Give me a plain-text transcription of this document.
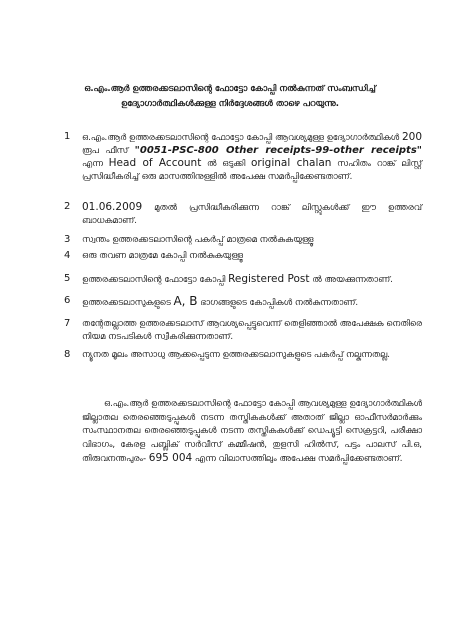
ഒ.എം.ആർ ഉത്തരക്കടലാസിന്റെ ഫോട്ടോ കോപ്പി നൽകുന്നത് സംബന്ധിച്ച്
ഉദ്യോഗാർത്ഥികൾക്കുള്ള നിർദ്ദേശങ്ങൾ താഴെ പറയുന്നു.
1 ഒ.എം.ആർ ഉത്തരക്കടലാസിന്റെ ഫോട്ടോ കോപ്പി ആവശ്യമുള്ള ഉദ്യോഗാർത്ഥികൾ 200 രൂപ ഫീസ് "0051-PSC-800 Other receipts-99-other receipts" എന്ന Head of Account ൽ ഒടുക്കി original chalan സഹിതം റാങ്ക് ലിസ്റ്റ് പ്രസിദ്ധീകരിച്ച് ഒരു മാസത്തിനുള്ളിൽ അപേക്ഷ സമർപ്പിക്കേണ്ടതാണ്.
2 01.06.2009 മുതൽ പ്രസിദ്ധീകരിക്കുന്ന റാങ്ക് ലിസ്റ്റുകൾക്ക് ഈ ഉത്തരവ് ബാധകമാണ്.
3 സ്വന്തം ഉത്തരക്കടലാസിന്റെ പകർപ്പ് മാത്രമെ നൽകുകയുള്ളൂ
4 ഒരു തവണ മാത്രമേ കോപ്പി നൽകുകയുള്ളൂ
5 ഉത്തരക്കടലാസിന്റെ ഫോട്ടോ കോപ്പി Registered Post ൽ അയക്കുന്നതാണ്.
6 ഉത്തരക്കടലാസുകളുടെ A, B ഭാഗങ്ങളുടെ കോപ്പികൾ നൽകുന്നതാണ്.
7 തന്റേതല്ലാത്ത ഉത്തരക്കടലാസ് ആവശ്യപ്പെട്ടുവെന്ന് തെളിഞ്ഞാൽ അപേക്ഷക നെതിരെ നിയമ നടപടികൾ സ്വീകരിക്കുന്നതാണ്.
8 ന്യൂനത മൂലം അസാധു ആക്കപ്പെടുന്ന ഉത്തരക്കടലാസുകളുടെ പകർപ്പ് നല്കുന്നതല്ല.
ഒ.എം.ആർ ഉത്തരക്കടലാസിന്റെ ഫോട്ടോ കോപ്പി ആവശ്യമുള്ള ഉദ്യോഗാർത്ഥികൾ ജില്ലാതല തെരഞ്ഞെടുപ്പുകൾ നടന്ന തസ്തികകൾക്ക് അതാത് ജില്ലാ ഓഫീസർമാർക്കും സംസ്ഥാനതല തെരഞ്ഞെടുപ്പുകൾ നടന്ന തസ്തികകൾക്ക് ഡെപ്യൂട്ടി സെക്രട്ടറി, പരീക്ഷാ വിഭാഗം, കേരള പബ്ലിക് സർവീസ് കമ്മീഷൻ, തുളസി ഹിൽസ്, പട്ടം പാലസ് പി.ഒ, തിരുവനന്തപുരം- 695 004 എന്ന വിലാസത്തിലും അപേക്ഷ സമർപ്പിക്കേണ്ടതാണ്.
